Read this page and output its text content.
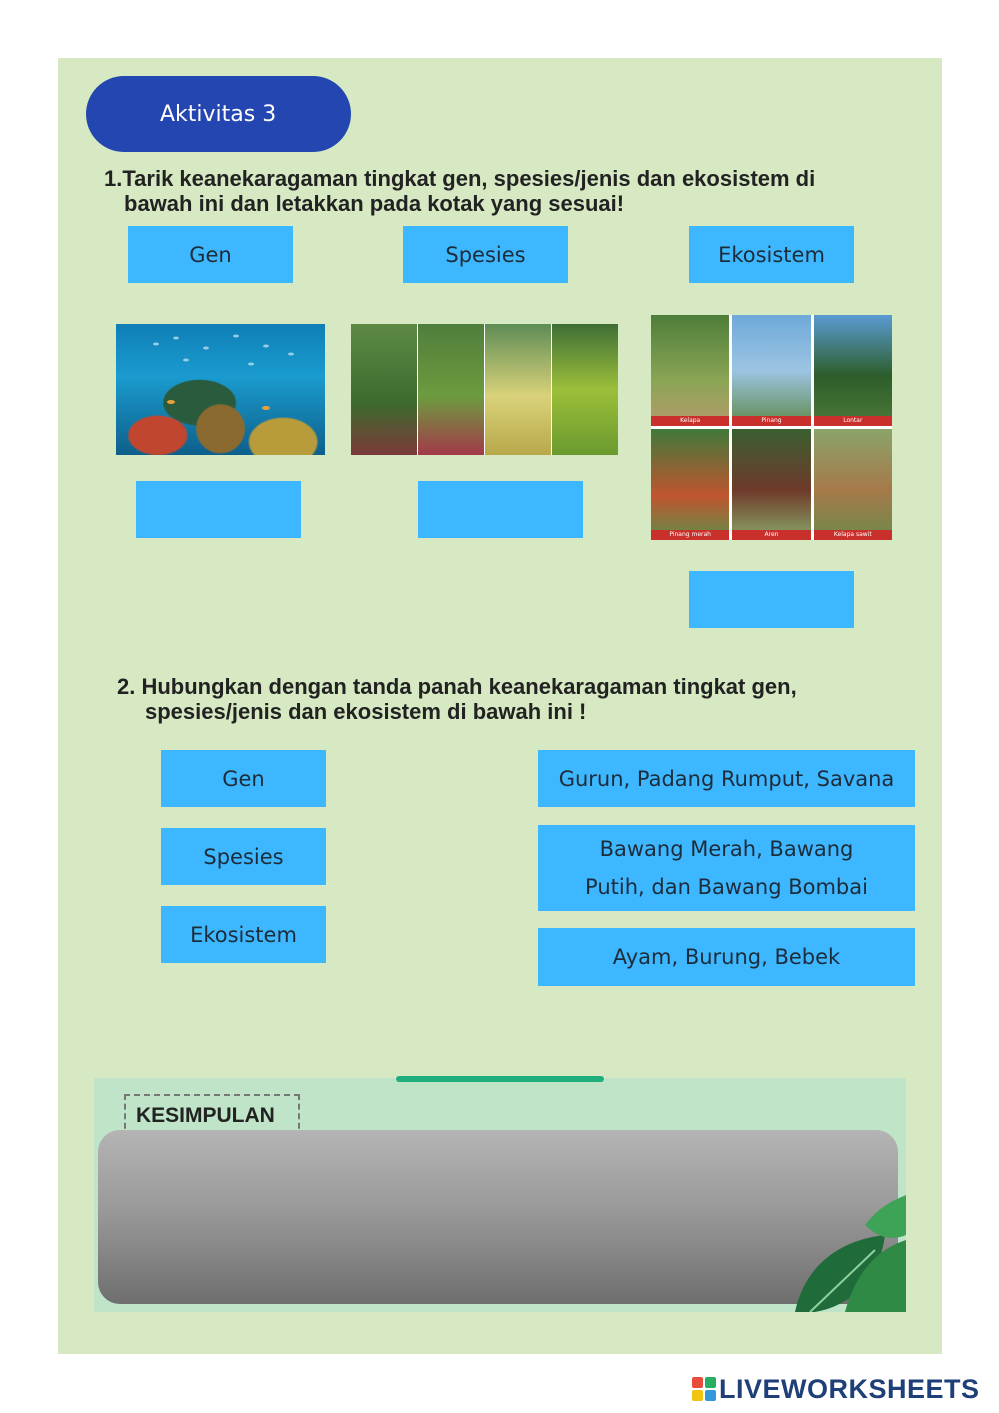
Aktivitas 3
1.Tarik keanekaragaman tingkat gen, spesies/jenis dan ekosistem di
bawah ini dan letakkan pada kotak yang sesuai!
Gen	Spesies	Ekosistem
Kelapa	Pinang	Lontar
Pinang merah	Aren	Kelapa sawit
2. Hubungkan dengan tanda panah keanekaragaman tingkat gen,
spesies/jenis dan ekosistem di bawah ini !
Gen
Spesies
Ekosistem
Gurun, Padang Rumput, Savana
Bawang Merah, Bawang Putih, dan Bawang Bombai
Ayam, Burung, Bebek
KESIMPULAN
LIVEWORKSHEETS
